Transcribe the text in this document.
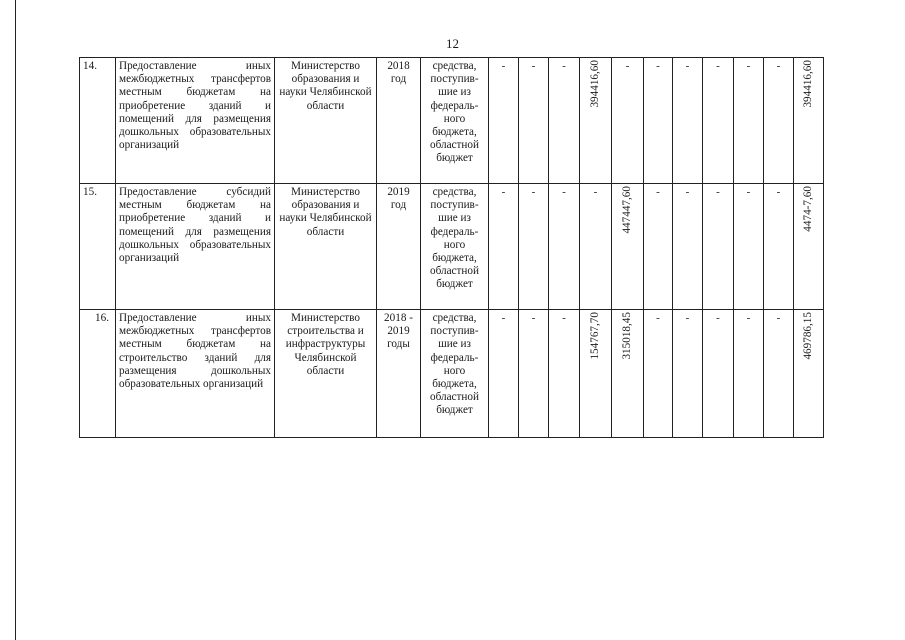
12
14.	Предоставление иных межбюджетных трансфертов местным бюджетам на приобретение зданий и помещений для размещения дошкольных образовательных организаций	Министерство образования и науки Челябинской области	2018 год	средства, поступив-шие из федераль-ного бюджета, областной бюджет	-	-	-	394416,60	-	-	-	-	-	-	394416,60
15.	Предоставление субсидий местным бюджетам на приобретение зданий и помещений для размещения дошкольных образовательных организаций	Министерство образования и науки Челябинской области	2019 год	средства, поступив-шие из федераль-ного бюджета, областной бюджет	-	-	-	-	447447,60	-	-	-	-	-	4474-7,60
16.	Предоставление иных межбюджетных трансфертов местным бюджетам на строительство зданий для размещения дошкольных образовательных организаций	Министерство строительства и инфраструктуры Челябинской области	2018 - 2019 годы	средства, поступив-шие из федераль-ного бюджета, областной бюджет	-	-	-	154767,70	315018,45	-	-	-	-	-	469786,15
